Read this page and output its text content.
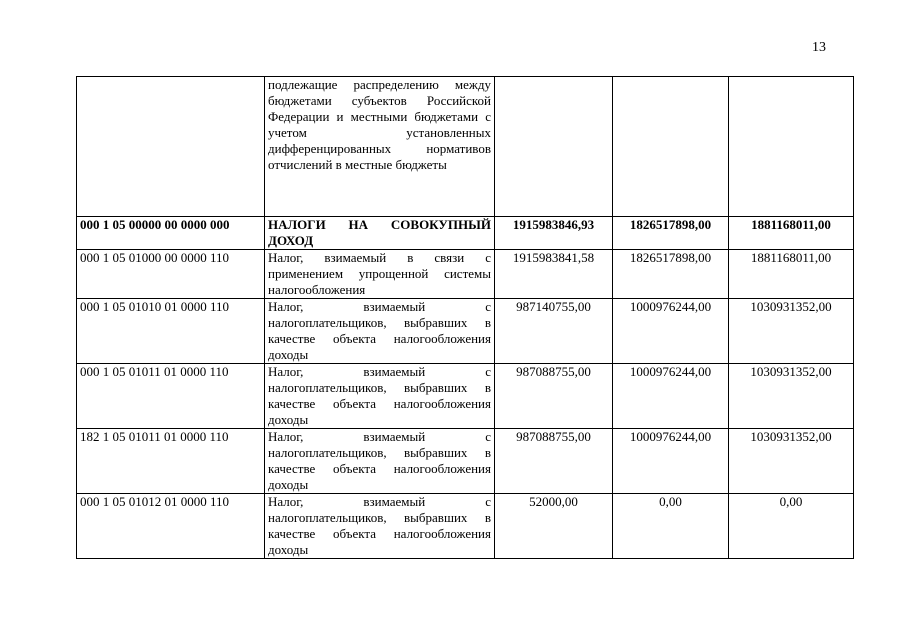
13
	подлежащие распределению между бюджетами субъектов Российской Федерации и местными бюджетами с учетом установленных дифференцированных нормативов отчислений в местные бюджеты			
000 1 05 00000 00 0000 000	НАЛОГИ НА СОВОКУПНЫЙ ДОХОД	1915983846,93	1826517898,00	1881168011,00
000 1 05 01000 00 0000 110	Налог, взимаемый в связи с применением упрощенной системы налогообложения	1915983841,58	1826517898,00	1881168011,00
000 1 05 01010 01 0000 110	Налог, взимаемый с налогоплательщиков, выбравших в качестве объекта налогообложения доходы	987140755,00	1000976244,00	1030931352,00
000 1 05 01011 01 0000 110	Налог, взимаемый с налогоплательщиков, выбравших в качестве объекта налогообложения доходы	987088755,00	1000976244,00	1030931352,00
182 1 05 01011 01 0000 110	Налог, взимаемый с налогоплательщиков, выбравших в качестве объекта налогообложения доходы	987088755,00	1000976244,00	1030931352,00
000 1 05 01012 01 0000 110	Налог, взимаемый с налогоплательщиков, выбравших в качестве объекта налогообложения доходы	52000,00	0,00	0,00
